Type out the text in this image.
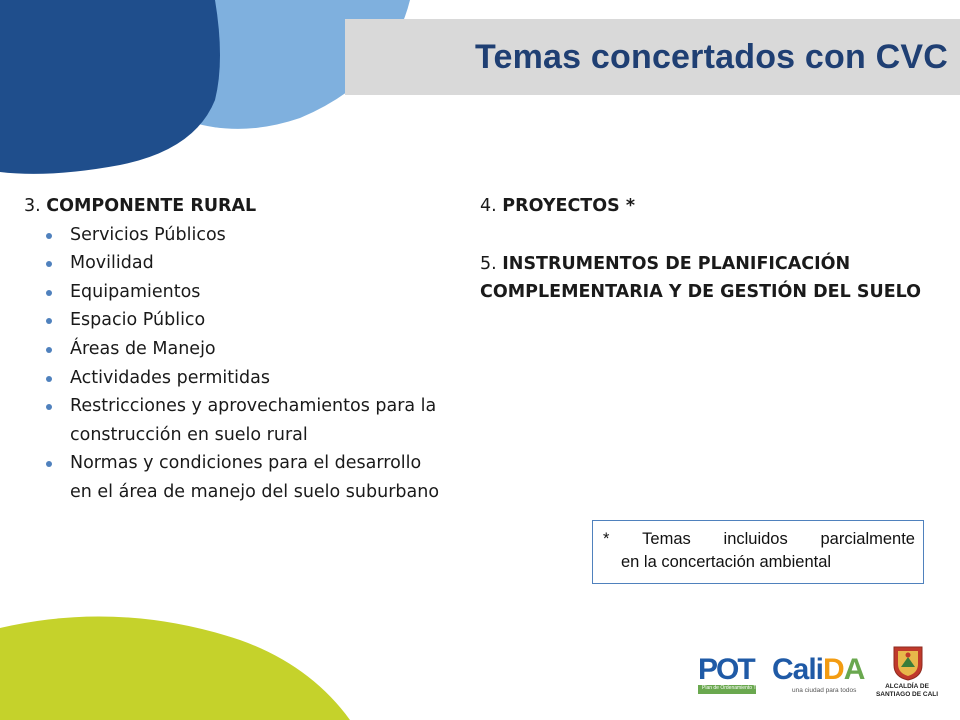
Temas concertados con CVC
3. COMPONENTE RURAL
Servicios Públicos
Movilidad
Equipamientos
Espacio Público
Áreas de Manejo
Actividades permitidas
Restricciones y aprovechamientos para la
construcción en suelo rural
Normas y condiciones para el desarrollo
en el área de manejo del suelo suburbano
4. PROYECTOS *
5. INSTRUMENTOS DE PLANIFICACIÓN
COMPLEMENTARIA Y DE GESTIÓN DEL SUELO
* Temas incluidos parcialmente
en la concertación ambiental
POT
Plan de Ordenamiento Territorial
CaliDA
una ciudad para todos
ALCALDÍA DE
SANTIAGO DE CALI
